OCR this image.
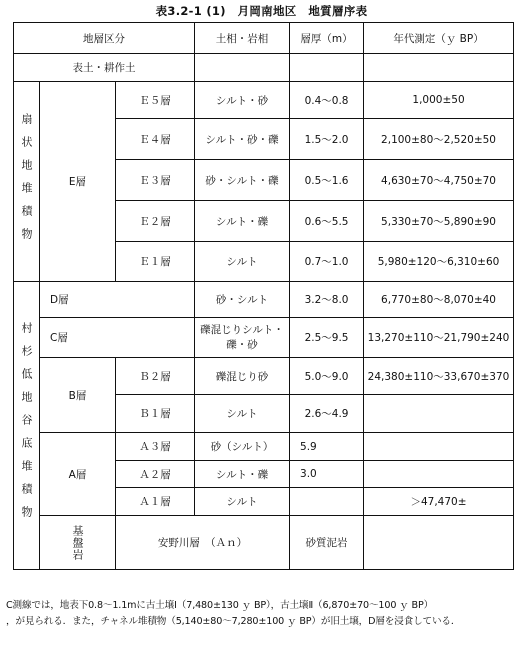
表3.2-1 (1)　月岡南地区　地質層序表
地層区分			土相・岩相	層厚（m）	年代測定（ｙ BP）	
表土・耕作土						
扇状地堆積物	E層	Ｅ５層	シルト・砂	0.4〜0.8	1,000±50	
		Ｅ４層	シルト・砂・礫	1.5〜2.0	2,100±80〜2,520±50	
		Ｅ３層	砂・シルト・礫	0.5〜1.6	4,630±70〜4,750±70	
		Ｅ２層	シルト・礫	0.6〜5.5	5,330±70〜5,890±90	
		Ｅ１層	シルト	0.7〜1.0	5,980±120〜6,310±60	
村杉低地谷底堆積物	D層		砂・シルト	3.2〜8.0	6,770±80〜8,070±40	
	C層		礫混じりシルト・礫・砂	2.5〜9.5	13,270±110〜21,790±240	
	B層	Ｂ２層	礫混じり砂	5.0〜9.0	24,380±110〜33,670±370	
		Ｂ１層	シルト	2.6〜4.9		
	A層	Ａ３層	砂（シルト）	5.9		
		Ａ２層	シルト・礫	3.0		
		Ａ１層	シルト		＞47,470±	
	基盤岩	安野川層　（Ａｎ）		砂質泥岩		
C測線では，地表下0.8〜1.1mに古土壌Ⅰ（7,480±130 ｙ BP），古土壌Ⅱ（6,870±70〜100 ｙ BP）
，が見られる．また，チャネル堆積物（5,140±80〜7,280±100 ｙ BP）が旧土壌，D層を浸食している．
